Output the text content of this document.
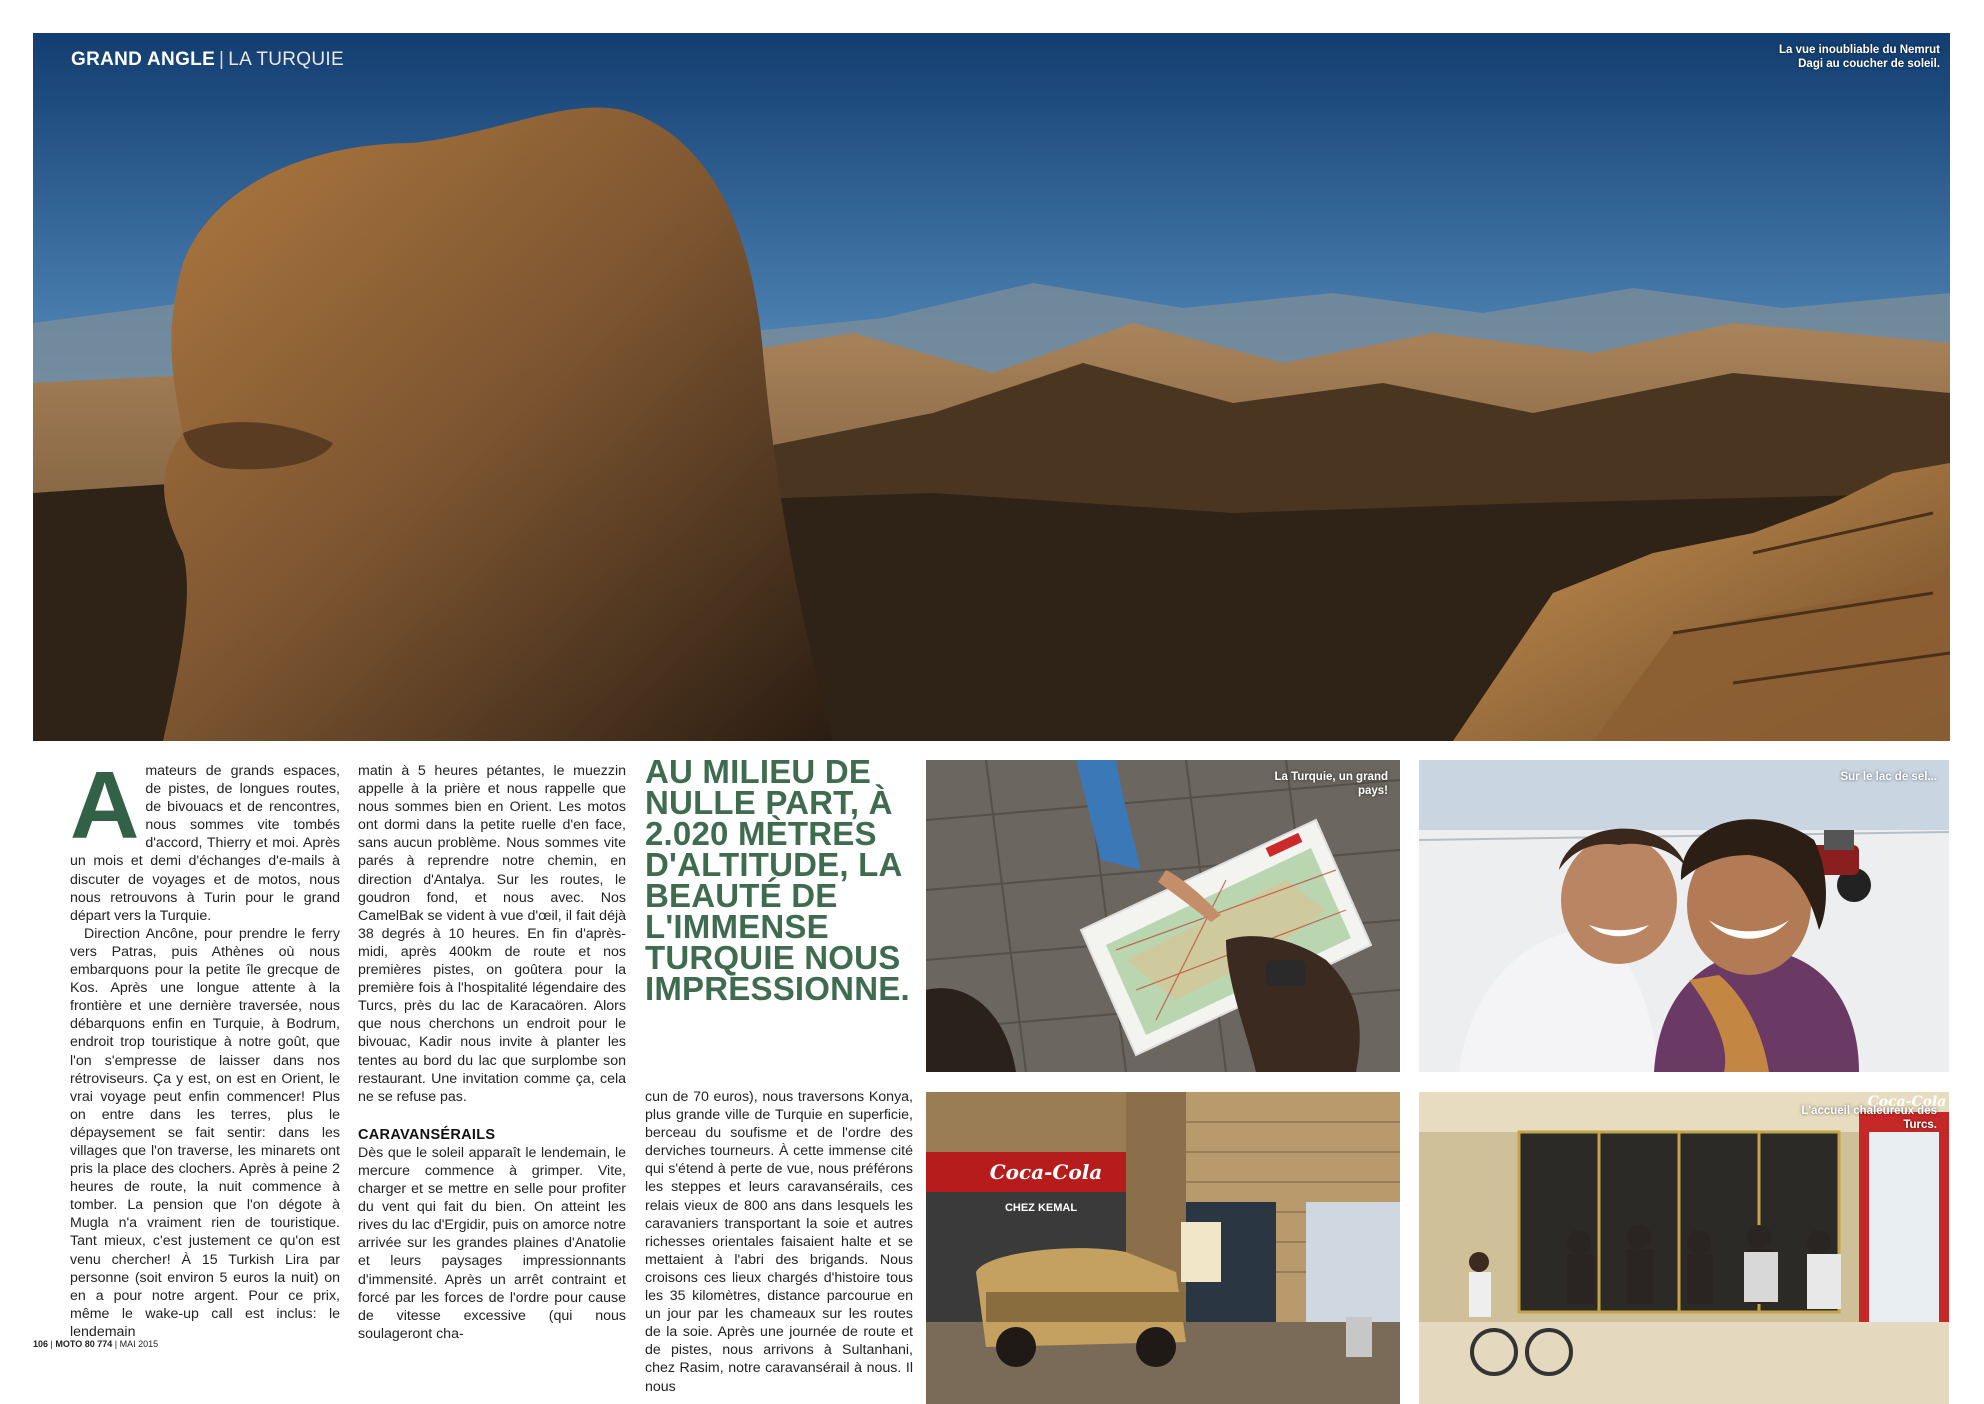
GRAND ANGLE | LA TURQUIE	La vue inoubliable du Nemrut Dagi au coucher de soleil.

Amateurs de grands espaces, de pistes, de longues routes, de bivouacs et de rencontres, nous sommes vite tombés d'accord, Thierry et moi. Après un mois et demi d'échanges d'e-mails à discuter de voyages et de motos, nous nous retrouvons à Turin pour le grand départ vers la Turquie.

Direction Ancône, pour prendre le ferry vers Patras, puis Athènes où nous embarquons pour la petite île grecque de Kos. Après une longue attente à la frontière et une dernière traversée, nous débarquons enfin en Turquie, à Bodrum, endroit trop touristique à notre goût, que l'on s'empresse de laisser dans nos rétroviseurs. Ça y est, on est en Orient, le vrai voyage peut enfin commencer! Plus on entre dans les terres, plus le dépaysement se fait sentir: dans les villages que l'on traverse, les minarets ont pris la place des clochers. Après à peine 2 heures de route, la nuit commence à tomber. La pension que l'on dégote à Mugla n'a vraiment rien de touristique. Tant mieux, c'est justement ce qu'on est venu chercher! À 15 Turkish Lira par personne (soit environ 5 euros la nuit) on en a pour notre argent. Pour ce prix, même le wake-up call est inclus: le lendemain

matin à 5 heures pétantes, le muezzin appelle à la prière et nous rappelle que nous sommes bien en Orient. Les motos ont dormi dans la petite ruelle d'en face, sans aucun problème. Nous sommes vite parés à reprendre notre chemin, en direction d'Antalya. Sur les routes, le goudron fond, et nous avec. Nos CamelBak se vident à vue d'œil, il fait déjà 38 degrés à 10 heures. En fin d'après-midi, après 400km de route et nos premières pistes, on goûtera pour la première fois à l'hospitalité légendaire des Turcs, près du lac de Karacaören. Alors que nous cherchons un endroit pour le bivouac, Kadir nous invite à planter les tentes au bord du lac que surplombe son restaurant. Une invitation comme ça, cela ne se refuse pas.

CARAVANSÉRAILS

Dès que le soleil apparaît le lendemain, le mercure commence à grimper. Vite, charger et se mettre en selle pour profiter du vent qui fait du bien. On atteint les rives du lac d'Ergidir, puis on amorce notre arrivée sur les grandes plaines d'Anatolie et leurs paysages impressionnants d'immensité. Après un arrêt contraint et forcé par les forces de l'ordre pour cause de vitesse excessive (qui nous soulageront cha-

AU MILIEU DE NULLE PART, À 2.020 MÈTRES D'ALTITUDE, LA BEAUTÉ DE L'IMMENSE TURQUIE NOUS IMPRESSIONNE.

cun de 70 euros), nous traversons Konya, plus grande ville de Turquie en superficie, berceau du soufisme et de l'ordre des derviches tourneurs. À cette immense cité qui s'étend à perte de vue, nous préférons les steppes et leurs caravansérails, ces relais vieux de 800 ans dans lesquels les caravaniers transportant la soie et autres richesses orientales faisaient halte et se mettaient à l'abri des brigands. Nous croisons ces lieux chargés d'histoire tous les 35 kilomètres, distance parcourue en un jour par les chameaux sur les routes de la soie. Après une journée de route et de pistes, nous arrivons à Sultanhani, chez Rasim, notre caravansérail à nous. Il nous

La Turquie, un grand pays!
Sur le lac de sel...
Coca-Cola
CHEZ KEMAL
Coca-Cola
L'accueil chaleureux des Turcs.
106 | MOTO 80 774 | MAI 2015
